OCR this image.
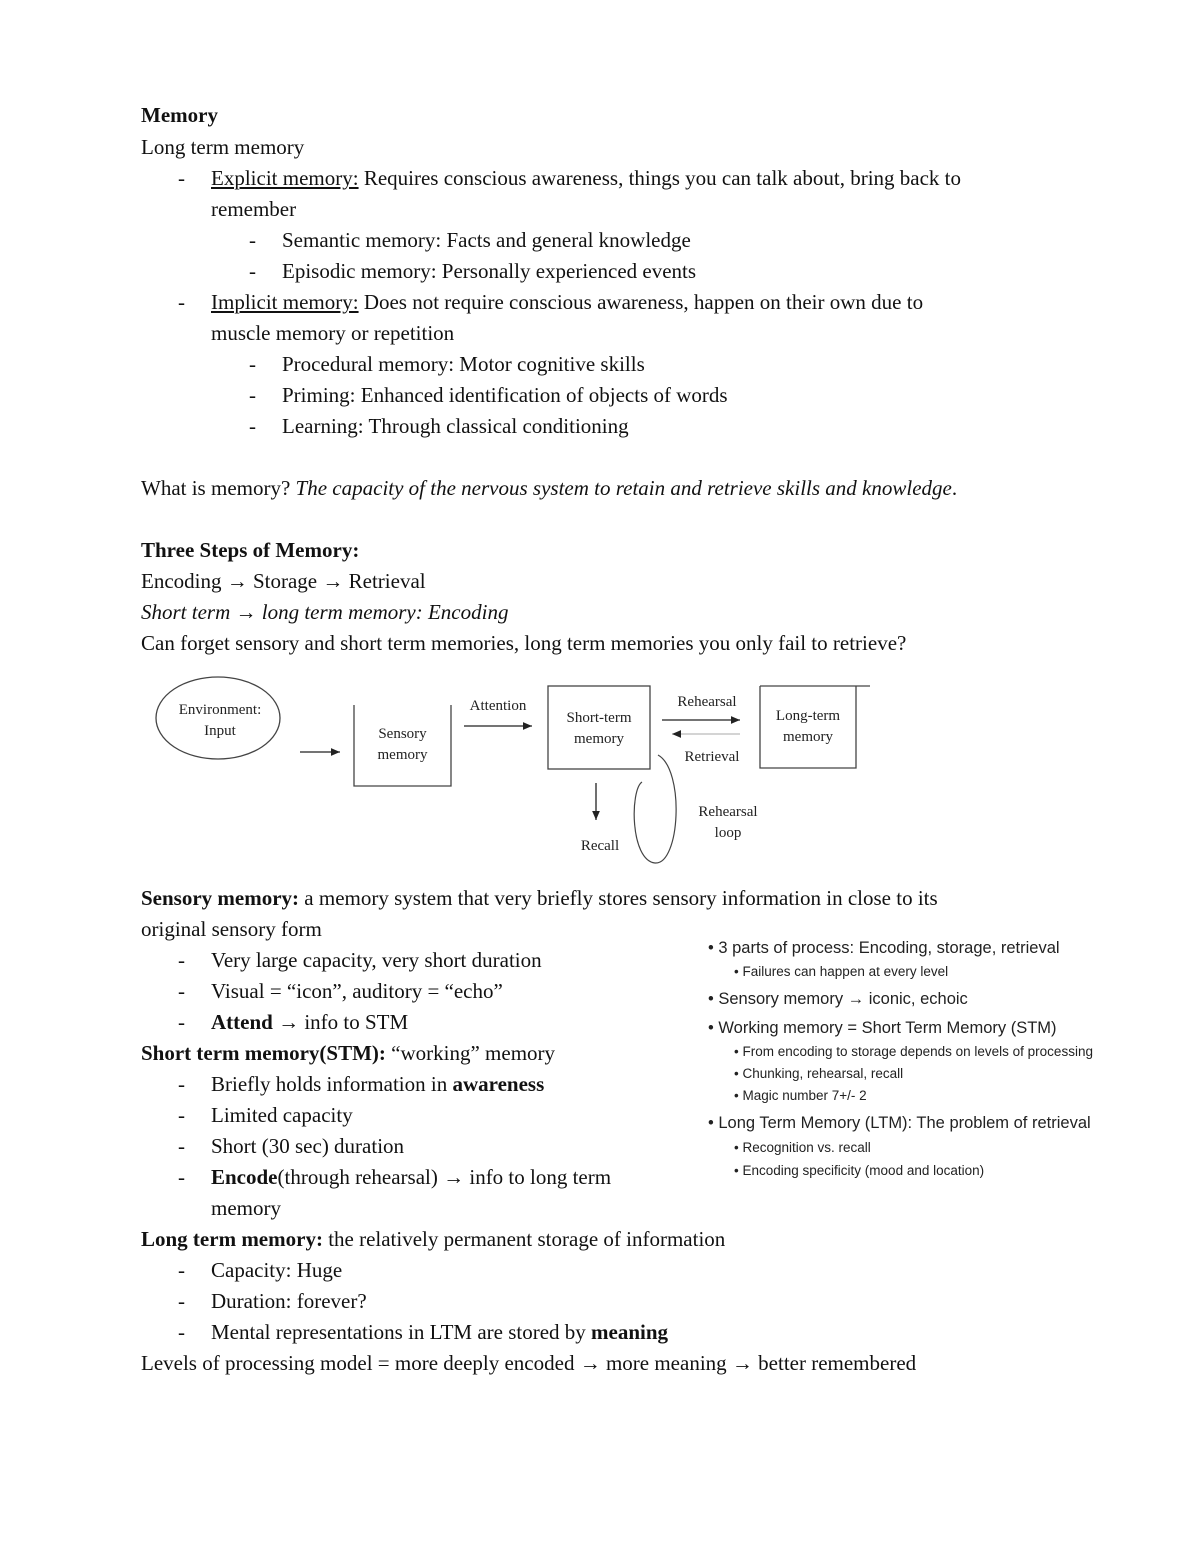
Memory
Long term memory
- Explicit memory: Requires conscious awareness, things you can talk about, bring back to
remember
- Semantic memory: Facts and general knowledge
- Episodic memory: Personally experienced events
- Implicit memory: Does not require conscious awareness, happen on their own due to
muscle memory or repetition
- Procedural memory: Motor cognitive skills
- Priming: Enhanced identification of objects of words
- Learning: Through classical conditioning
What is memory? The capacity of the nervous system to retain and retrieve skills and knowledge.
Three Steps of Memory:
Encoding → Storage → Retrieval
Short term → long term memory: Encoding
Can forget sensory and short term memories, long term memories you only fail to retrieve?
Environment:
Input	Sensory
memory
Attention
Short-term
memory
Rehearsal
Retrieval
Long-term
memory
Recall
Rehearsal
loop
Sensory memory: a memory system that very briefly stores sensory information in close to its
original sensory form
- Very large capacity, very short duration
- Visual = “icon”, auditory = “echo”
- Attend → info to STM
Short term memory(STM): “working” memory
- Briefly holds information in awareness
- Limited capacity
- Short (30 sec) duration
- Encode(through rehearsal) → info to long term
memory
Long term memory: the relatively permanent storage of information
- Capacity: Huge
- Duration: forever?
- Mental representations in LTM are stored by meaning
Levels of processing model = more deeply encoded → more meaning → better remembered
• 3 parts of process: Encoding, storage, retrieval
• Failures can happen at every level
• Sensory memory → iconic, echoic
• Working memory = Short Term Memory (STM)
• From encoding to storage depends on levels of processing
• Chunking, rehearsal, recall
• Magic number 7+/- 2
• Long Term Memory (LTM): The problem of retrieval
• Recognition vs. recall
• Encoding specificity (mood and location)
